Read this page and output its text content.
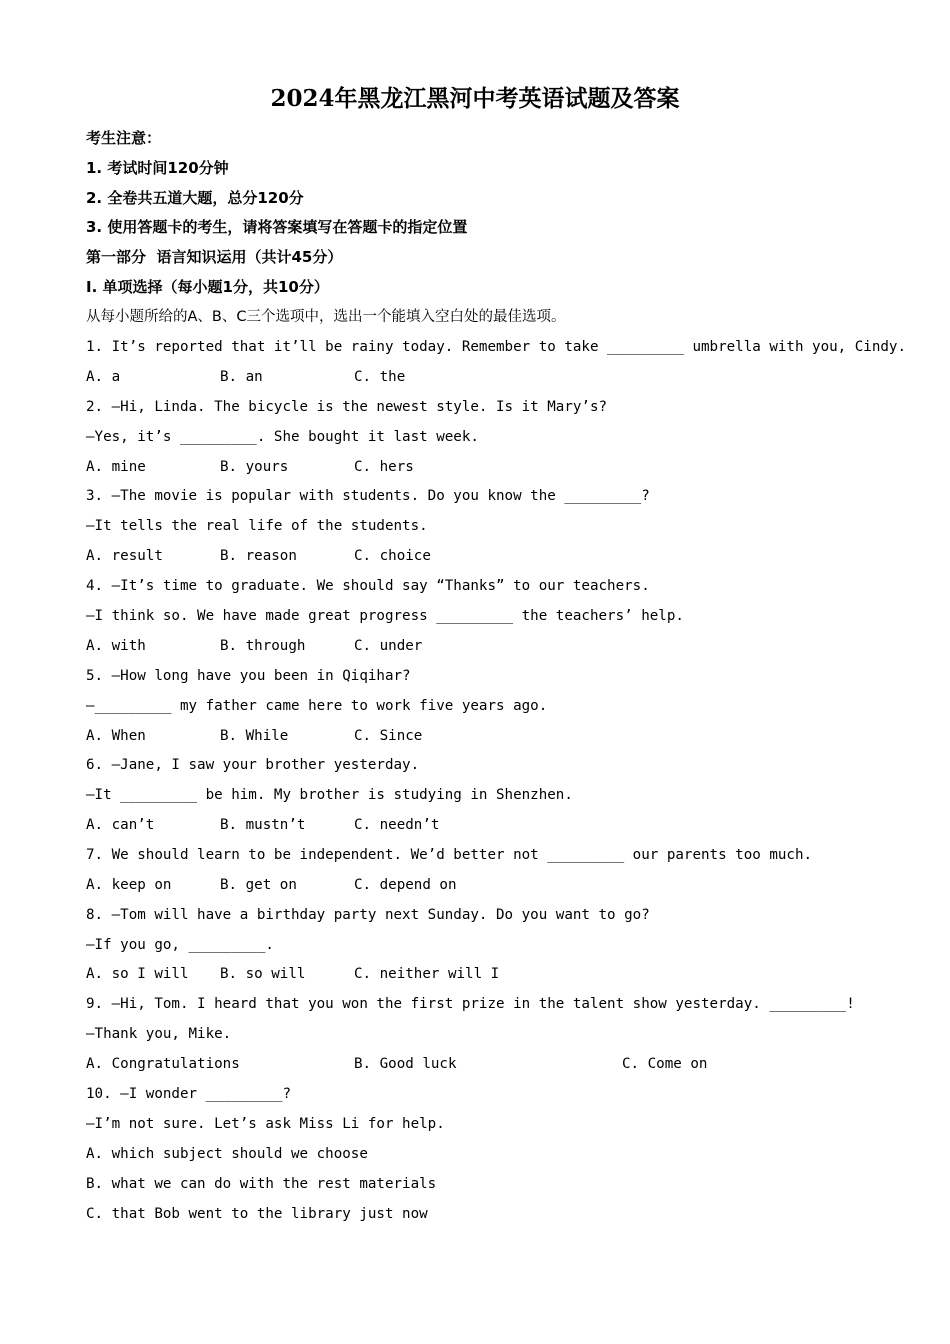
2024年黑龙江黑河中考英语试题及答案
考生注意：
1. 考试时间120分钟
2. 全卷共五道大题，总分120分
3. 使用答题卡的考生，请将答案填写在答题卡的指定位置
第一部分  语言知识运用（共计45分）
I. 单项选择（每小题1分，共10分）
从每小题所给的A、B、C三个选项中，选出一个能填入空白处的最佳选项。
1. It’s reported that it’ll be rainy today. Remember to take _________ umbrella with you, Cindy.
A. a	B. an	C. the
2. —Hi, Linda. The bicycle is the newest style. Is it Mary’s?
—Yes, it’s _________. She bought it last week.
A. mine	B. yours	C. hers
3. —The movie is popular with students. Do you know the _________?
—It tells the real life of the students.
A. result	B. reason	C. choice
4. —It’s time to graduate. We should say “Thanks” to our teachers.
—I think so. We have made great progress _________ the teachers’ help.
A. with	B. through	C. under
5. —How long have you been in Qiqihar?
—_________ my father came here to work five years ago.
A. When	B. While	C. Since
6. —Jane, I saw your brother yesterday.
—It _________ be him. My brother is studying in Shenzhen.
A. can’t	B. mustn’t	C. needn’t
7. We should learn to be independent. We’d better not _________ our parents too much.
A. keep on	B. get on	C. depend on
8. —Tom will have a birthday party next Sunday. Do you want to go?
—If you go, _________.
A. so I will B. so will	C. neither will I
9. —Hi, Tom. I heard that you won the first prize in the talent show yesterday. _________!
—Thank you, Mike.
A. Congratulations	B. Good luck	C. Come on
10. —I wonder _________?
—I’m not sure. Let’s ask Miss Li for help.
A. which subject should we choose
B. what we can do with the rest materials
C. that Bob went to the library just now
